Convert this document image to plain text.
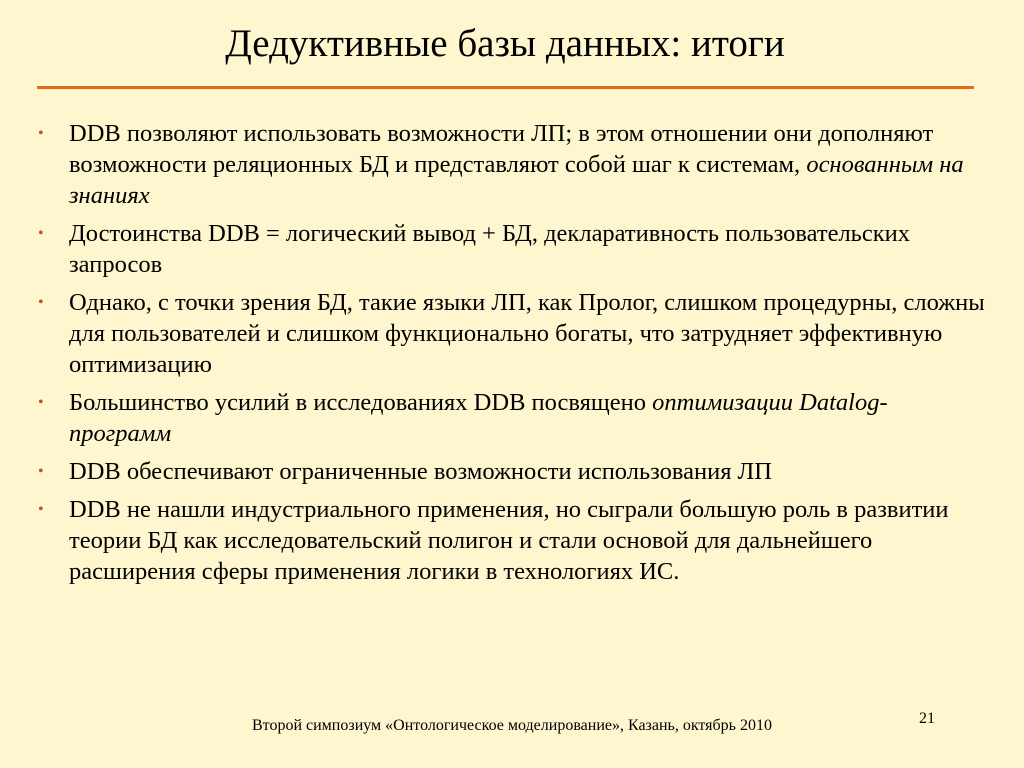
Дедуктивные базы данных: итоги
•	DDB позволяют использовать возможности ЛП; в этом отношении они дополняют возможности реляционных БД и представляют собой шаг к системам, основанным на знаниях
•	Достоинства DDB = логический вывод + БД, декларативность пользовательских запросов
•	Однако, с точки зрения БД, такие языки ЛП, как Пролог, слишком процедурны, сложны для пользователей и слишком функционально богаты, что затрудняет эффективную оптимизацию
•	Большинство усилий в исследованиях DDB посвящено оптимизации Datalog-программ
•	DDB обеспечивают ограниченные возможности использования ЛП
•	DDB не нашли индустриального применения, но сыграли большую роль в развитии теории БД как исследовательский полигон и стали основой для дальнейшего расширения сферы применения логики в технологиях ИС.
Второй симпозиум «Онтологическое моделирование», Казань, октябрь 2010	21
